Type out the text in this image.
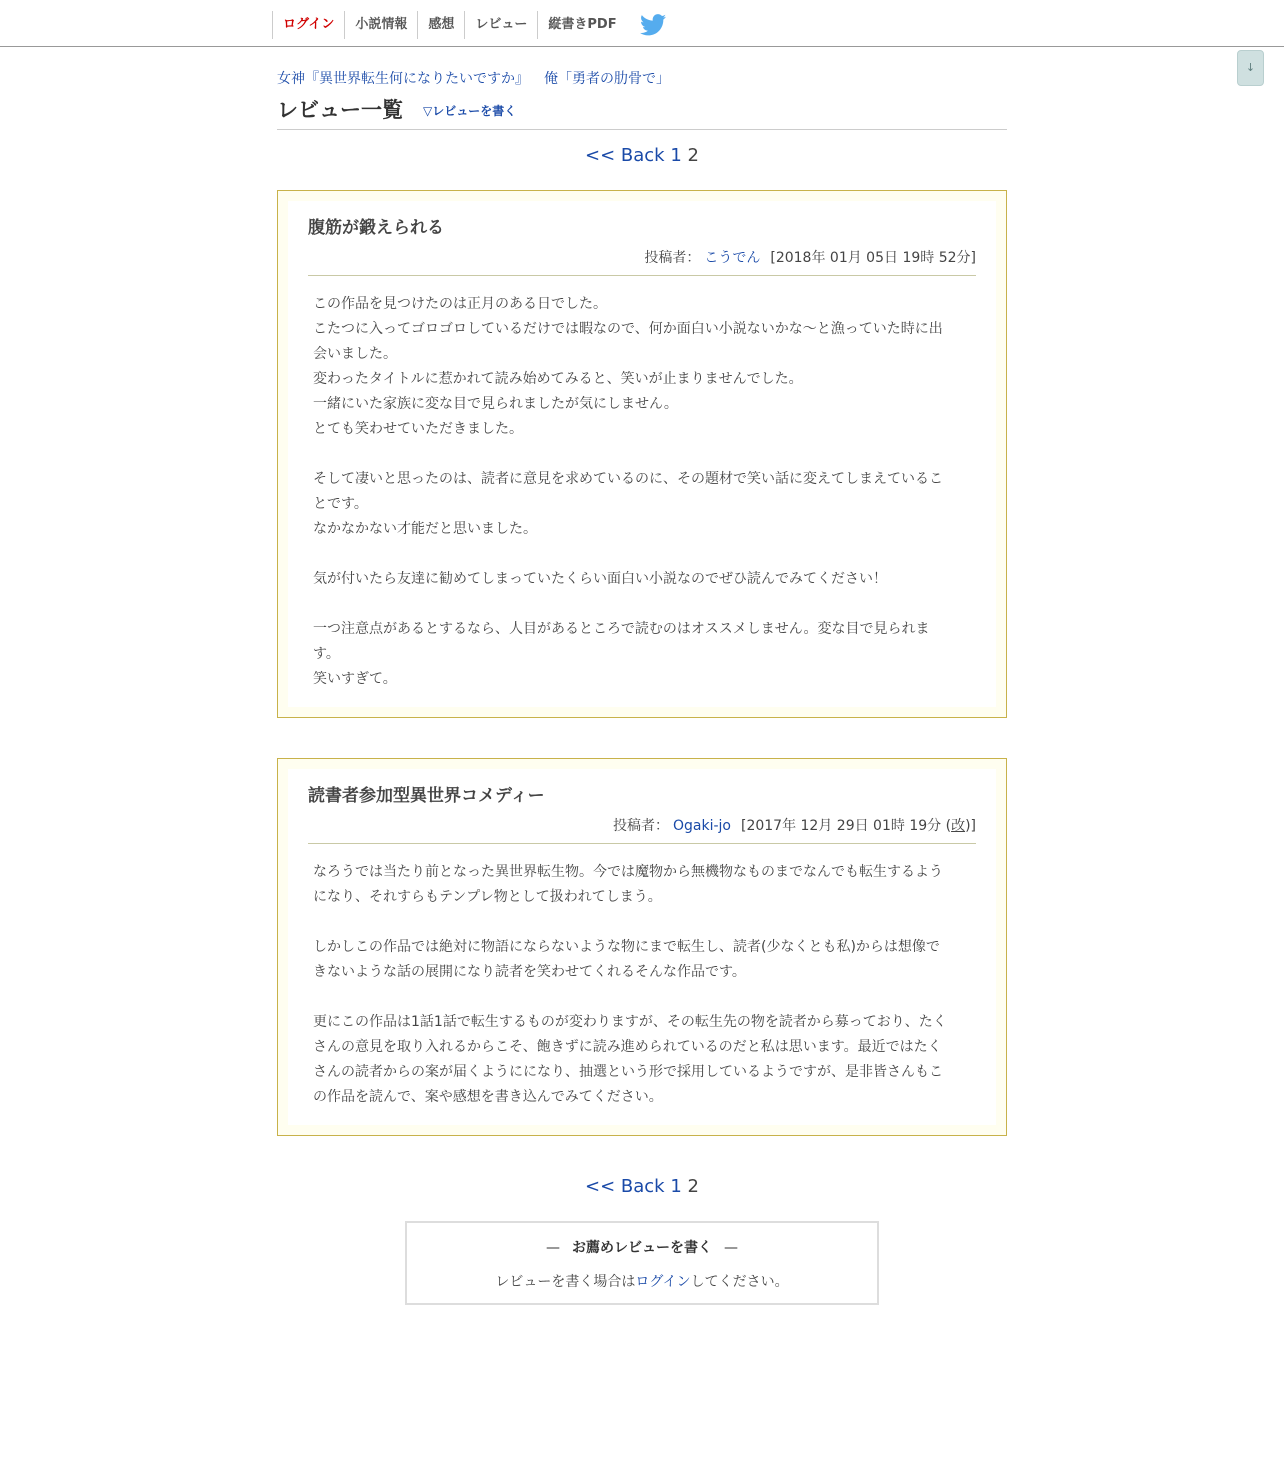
ログイン	小説情報	感想	レビュー	縦書きPDF
↓
女神『異世界転生何になりたいですか』 俺「勇者の肋骨で」
レビュー一覧 ▽レビューを書く
<< Back 1 2
腹筋が鍛えられる
投稿者： こうでん [2018年 01月 05日 19時 52分]
この作品を見つけたのは正月のある日でした。
こたつに入ってゴロゴロしているだけでは暇なので、何か面白い小説ないかな〜と漁っていた時に出会いました。
変わったタイトルに惹かれて読み始めてみると、笑いが止まりませんでした。
一緒にいた家族に変な目で見られましたが気にしません。
とても笑わせていただきました。

そして凄いと思ったのは、読者に意見を求めているのに、その題材で笑い話に変えてしまえていることです。
なかなかない才能だと思いました。

気が付いたら友達に勧めてしまっていたくらい面白い小説なのでぜひ読んでみてください！

一つ注意点があるとするなら、人目があるところで読むのはオススメしません。変な目で見られます。
笑いすぎて。
読書者参加型異世界コメディー
投稿者： Ogaki-jo [2017年 12月 29日 01時 19分 (改)]
なろうでは当たり前となった異世界転生物。今では魔物から無機物なものまでなんでも転生するようになり、それすらもテンプレ物として扱われてしまう。

しかしこの作品では絶対に物語にならないような物にまで転生し、読者(少なくとも私)からは想像できないような話の展開になり読者を笑わせてくれるそんな作品です。

更にこの作品は1話1話で転生するものが変わりますが、その転生先の物を読者から募っており、たくさんの意見を取り入れるからこそ、飽きずに読み進められているのだと私は思います。最近ではたくさんの読者からの案が届くようにになり、抽選という形で採用しているようですが、是非皆さんもこの作品を読んで、案や感想を書き込んでみてください。
<< Back 1 2
— お薦めレビューを書く —
レビューを書く場合はログインしてください。
